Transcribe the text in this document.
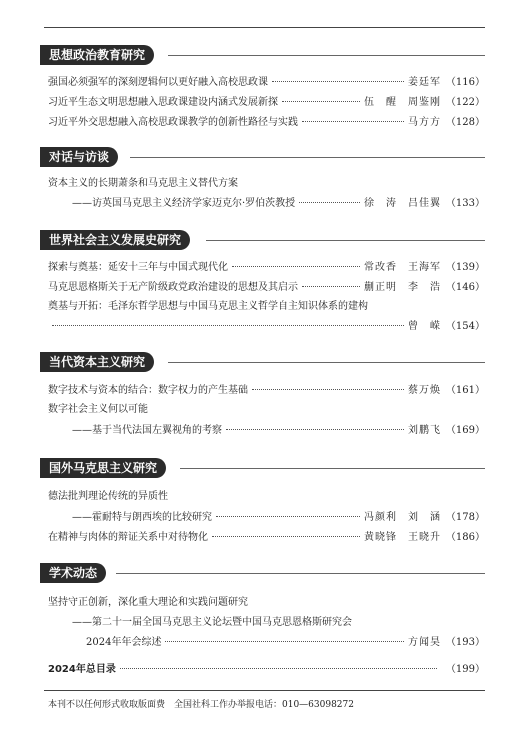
思想政治教育研究
强国必须强军的深刻逻辑何以更好融入高校思政课	姜廷军 （116）
习近平生态文明思想融入思政课建设内涵式发展新探	伍　醒　周鉴刚 （122）
习近平外交思想融入高校思政课教学的创新性路径与实践	马方方 （128）
对话与访谈
资本主义的长期萧条和马克思主义替代方案
——访英国马克思主义经济学家迈克尔·罗伯茨教授	徐　涛　吕佳翼 （133）
世界社会主义发展史研究
探索与奠基：延安十三年与中国式现代化	常改香　王海军 （139）
马克思恩格斯关于无产阶级政党政治建设的思想及其启示	蒯正明　李　浩 （146）
奠基与开拓：毛泽东哲学思想与中国马克思主义哲学自主知识体系的建构
曾　嵘 （154）
当代资本主义研究
数字技术与资本的结合：数字权力的产生基础	蔡万焕 （161）
数字社会主义何以可能
——基于当代法国左翼视角的考察	刘鹏飞 （169）
国外马克思主义研究
德法批判理论传统的异质性
——霍耐特与朗西埃的比较研究	冯颜利　刘　涵 （178）
在精神与肉体的辩证关系中对待物化	黄晓锋　王晓升 （186）
学术动态
坚持守正创新，深化重大理论和实践问题研究
——第二十一届全国马克思主义论坛暨中国马克思恩格斯研究会
2024年年会综述	方闻昊 （193）
2024年总目录	（199）
本刊不以任何形式收取版面费　全国社科工作办举报电话：010—63098272
